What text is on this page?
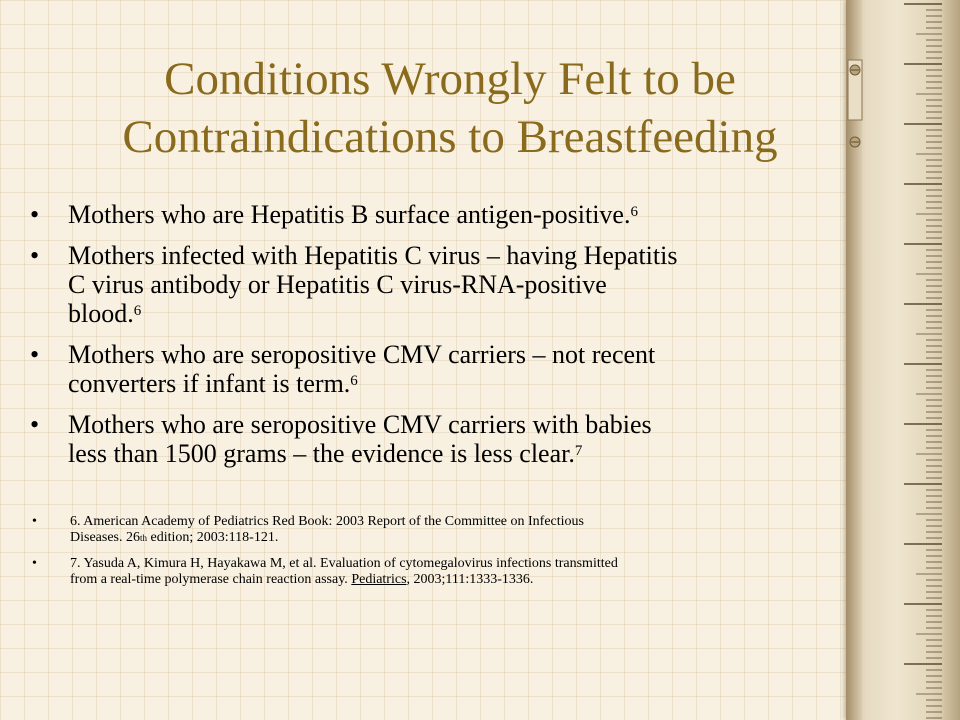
Conditions Wrongly Felt to be
Contraindications to Breastfeeding
• Mothers who are Hepatitis B surface antigen-positive.$^6$
• Mothers infected with Hepatitis C virus – having Hepatitis
C virus antibody or Hepatitis C virus-RNA-positive
blood.$^6$
• Mothers who are seropositive CMV carriers – not recent
converters if infant is term.$^6$
• Mothers who are seropositive CMV carriers with babies
less than 1500 grams – the evidence is less clear.$^7$
• 6. American Academy of Pediatrics Red Book: 2003 Report of the Committee on Infectious
Diseases. 26th edition; 2003:118-121.
• 7. Yasuda A, Kimura H, Hayakawa M, et al. Evaluation of cytomegalovirus infections transmitted
from a real-time polymerase chain reaction assay. Pediatrics, 2003;111:1333-1336.
